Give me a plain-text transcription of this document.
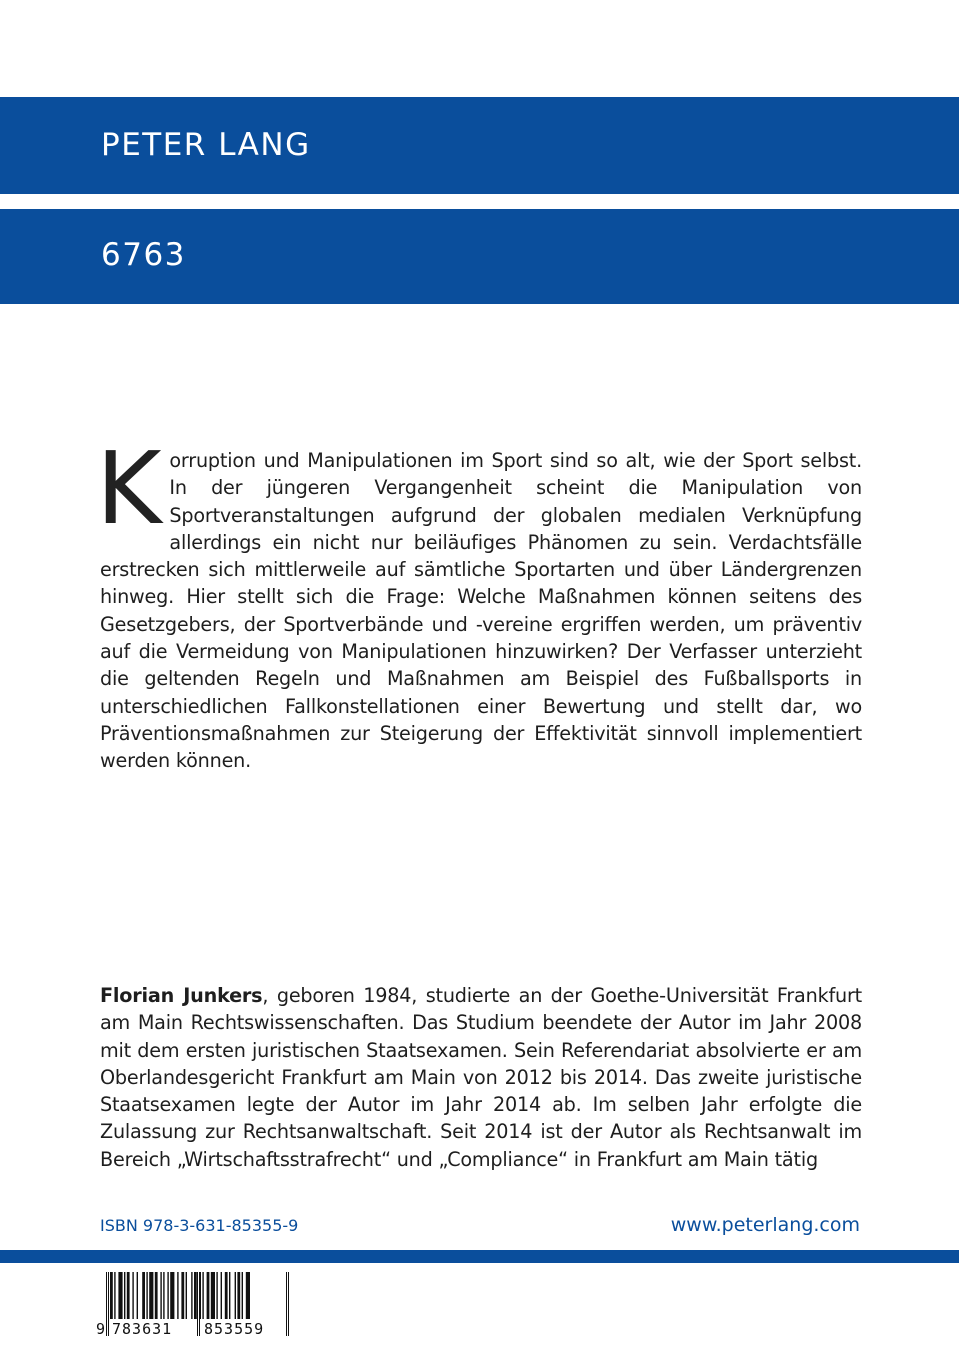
PETER LANG
6763
Korruption und Manipulationen im Sport sind so alt, wie der Sport selbst. In der jüngeren Vergangenheit scheint die Manipulation von Sportveranstaltungen aufgrund der globalen medialen Verknüpfung allerdings ein nicht nur beiläufiges Phänomen zu sein. Verdachtsfälle erstrecken sich mittlerweile auf sämtliche Sportarten und über Ländergrenzen hinweg. Hier stellt sich die Frage: Welche Maßnahmen können seitens des Gesetzgebers, der Sportverbände und -vereine ergriffen werden, um präventiv auf die Vermeidung von Manipulationen hinzuwirken? Der Verfasser unterzieht die geltenden Regeln und Maßnahmen am Beispiel des Fußballsports in unterschiedlichen Fallkonstellationen einer Bewertung und stellt dar, wo Präventionsmaßnahmen zur Steigerung der Effektivität sinnvoll implementiert werden können.
Florian Junkers, geboren 1984, studierte an der Goethe-Universität Frankfurt am Main Rechtswissenschaften. Das Studium beendete der Autor im Jahr 2008 mit dem ersten juristischen Staatsexamen. Sein Referendariat absolvierte er am Oberlandesgericht Frankfurt am Main von 2012 bis 2014. Das zweite juristische Staatsexamen legte der Autor im Jahr 2014 ab. Im selben Jahr erfolgte die Zulassung zur Rechtsanwaltschaft. Seit 2014 ist der Autor als Rechtsanwalt im Bereich „Wirtschaftsstrafrecht“ und „Compliance“ in Frankfurt am Main tätig
ISBN 978-3-631-85355-9	www.peterlang.com
9 783631 853559
